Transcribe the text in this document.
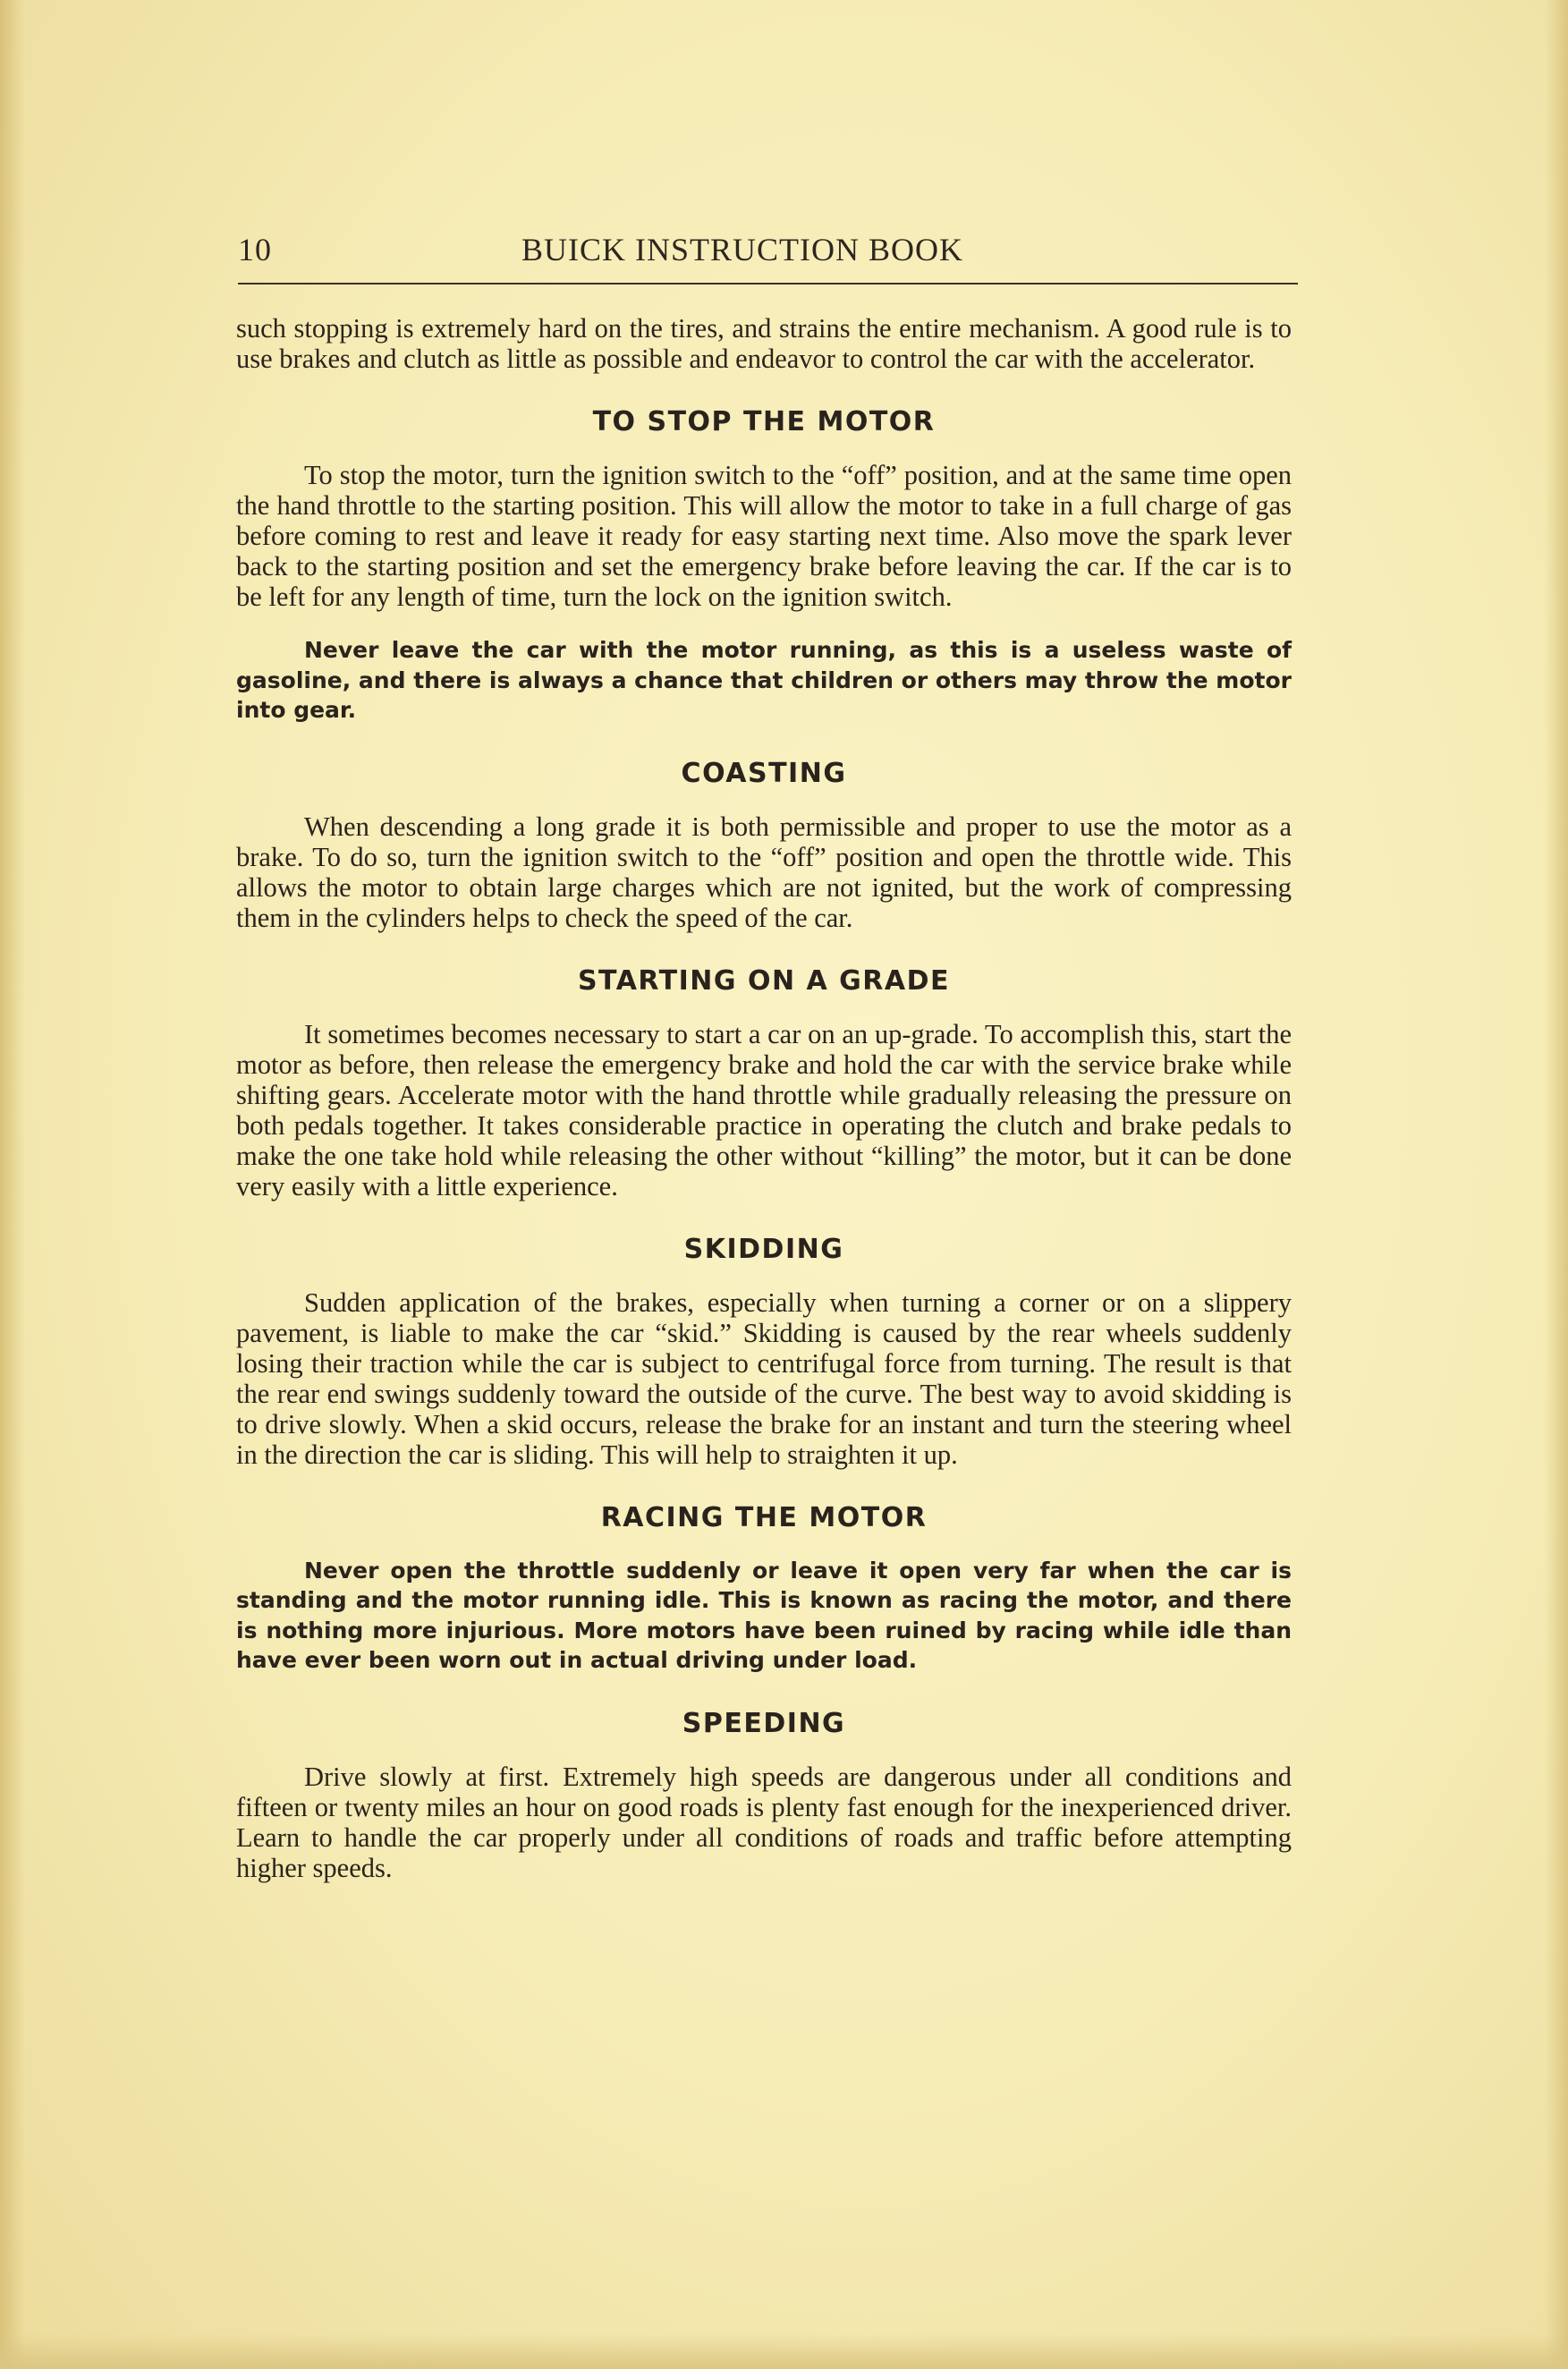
10	BUICK INSTRUCTION BOOK

such stopping is extremely hard on the tires, and strains the entire mechanism. A good rule is to use brakes and clutch as little as possible and endeavor to control the car with the accelerator.

TO STOP THE MOTOR

To stop the motor, turn the ignition switch to the “off” position, and at the same time open the hand throttle to the starting position. This will allow the motor to take in a full charge of gas before coming to rest and leave it ready for easy starting next time. Also move the spark lever back to the starting position and set the emergency brake before leaving the car. If the car is to be left for any length of time, turn the lock on the ignition switch.

Never leave the car with the motor running, as this is a useless waste of gasoline, and there is always a chance that children or others may throw the motor into gear.

COASTING

When descending a long grade it is both permissible and proper to use the motor as a brake. To do so, turn the ignition switch to the “off” position and open the throttle wide. This allows the motor to obtain large charges which are not ignited, but the work of compressing them in the cylinders helps to check the speed of the car.

STARTING ON A GRADE

It sometimes becomes necessary to start a car on an up-grade. To accomplish this, start the motor as before, then release the emergency brake and hold the car with the service brake while shifting gears. Accelerate motor with the hand throttle while gradually releasing the pressure on both pedals together. It takes considerable practice in operating the clutch and brake pedals to make the one take hold while releasing the other without “killing” the motor, but it can be done very easily with a little experience.

SKIDDING

Sudden application of the brakes, especially when turning a corner or on a slippery pavement, is liable to make the car “skid.” Skidding is caused by the rear wheels suddenly losing their traction while the car is subject to centrifugal force from turning. The result is that the rear end swings suddenly toward the outside of the curve. The best way to avoid skidding is to drive slowly. When a skid occurs, release the brake for an instant and turn the steering wheel in the direction the car is sliding. This will help to straighten it up.

RACING THE MOTOR

Never open the throttle suddenly or leave it open very far when the car is standing and the motor running idle. This is known as racing the motor, and there is nothing more injurious. More motors have been ruined by racing while idle than have ever been worn out in actual driving under load.

SPEEDING

Drive slowly at first. Extremely high speeds are dangerous under all conditions and fifteen or twenty miles an hour on good roads is plenty fast enough for the inexperienced driver. Learn to handle the car properly under all conditions of roads and traffic before attempting higher speeds.
